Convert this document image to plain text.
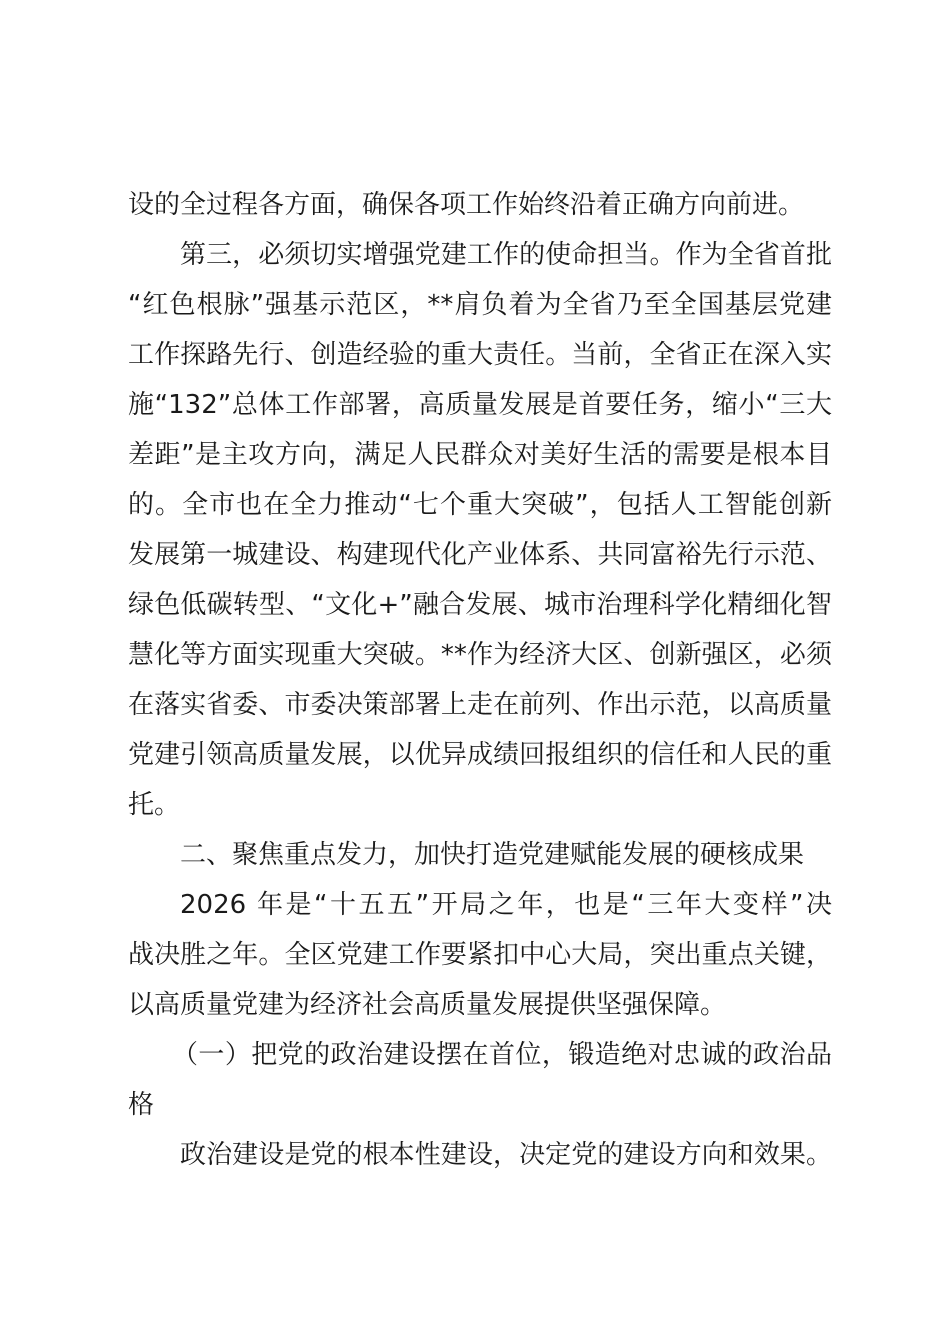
设的全过程各方面，确保各项工作始终沿着正确方向前进。
第三，必须切实增强党建工作的使命担当。作为全省首批
“红色根脉”强基示范区，**肩负着为全省乃至全国基层党建
工作探路先行、创造经验的重大责任。当前，全省正在深入实
施“132”总体工作部署，高质量发展是首要任务，缩小“三大
差距”是主攻方向，满足人民群众对美好生活的需要是根本目
的。全市也在全力推动“七个重大突破”，包括人工智能创新
发展第一城建设、构建现代化产业体系、共同富裕先行示范、
绿色低碳转型、“文化+”融合发展、城市治理科学化精细化智
慧化等方面实现重大突破。**作为经济大区、创新强区，必须
在落实省委、市委决策部署上走在前列、作出示范，以高质量
党建引领高质量发展，以优异成绩回报组织的信任和人民的重
托。
二、聚焦重点发力，加快打造党建赋能发展的硬核成果
2026 年是“十五五”开局之年，也是“三年大变样”决
战决胜之年。全区党建工作要紧扣中心大局，突出重点关键，
以高质量党建为经济社会高质量发展提供坚强保障。
（一）把党的政治建设摆在首位，锻造绝对忠诚的政治品
格
政治建设是党的根本性建设，决定党的建设方向和效果。
